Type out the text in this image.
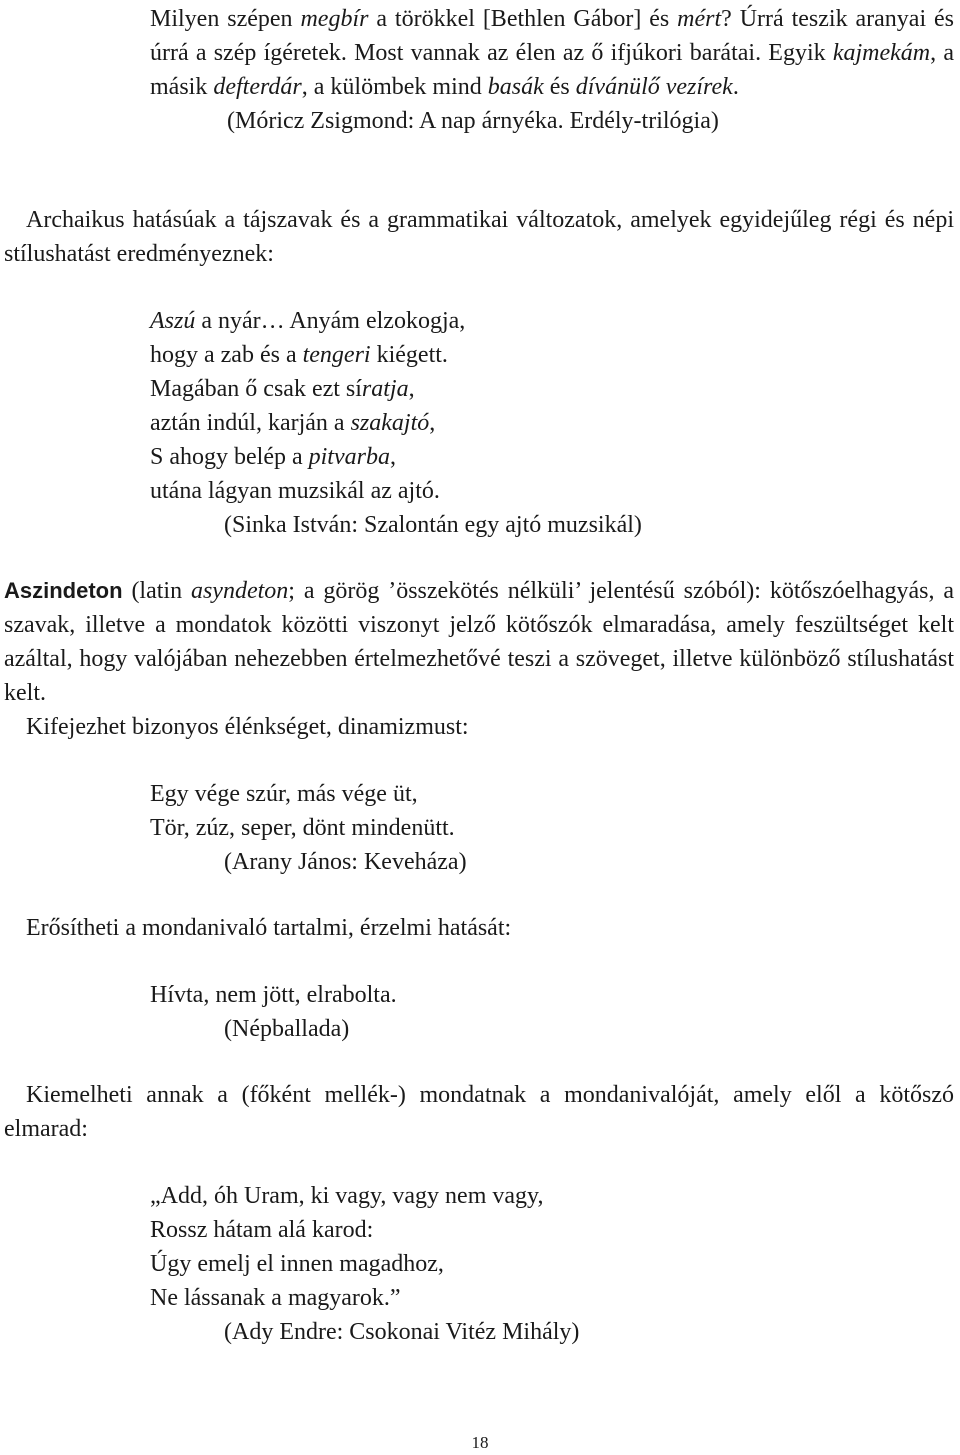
Milyen szépen megbír a törökkel [Bethlen Gábor] és mért? Úrrá teszik aranyai és úrrá a szép ígéretek. Most vannak az élen az ő ifjúkori barátai. Egyik kajmekám, a másik defterdár, a külömbek mind basák és dívánülő vezírek.
(Móricz Zsigmond: A nap árnyéka. Erdély-trilógia)
Archaikus hatásúak a tájszavak és a grammatikai változatok, amelyek egyidejűleg régi és népi stílushatást eredményeznek:
Aszú a nyár… Anyám elzokogja,
hogy a zab és a tengeri kiégett.
Magában ő csak ezt síratja,
aztán indúl, karján a szakajtó,
S ahogy belép a pitvarba,
utána lágyan muzsikál az ajtó.
(Sinka István: Szalontán egy ajtó muzsikál)
Aszindeton (latin asyndeton; a görög ’összekötés nélküli’ jelentésű szóból): kötőszóelhagyás, a szavak, illetve a mondatok közötti viszonyt jelző kötőszók elmaradása, amely feszültséget kelt azáltal, hogy valójában nehezebben értelmezhetővé teszi a szöveget, illetve különböző stílushatást kelt.
Kifejezhet bizonyos élénkséget, dinamizmust:
Egy vége szúr, más vége üt,
Tör, zúz, seper, dönt mindenütt.
(Arany János: Keveháza)
Erősítheti a mondanivaló tartalmi, érzelmi hatását:
Hívta, nem jött, elrabolta.
(Népballada)
Kiemelheti annak a (főként mellék-) mondatnak a mondanivalóját, amely elől a kötőszó elmarad:
„Add, óh Uram, ki vagy, vagy nem vagy,
Rossz hátam alá karod:
Úgy emelj el innen magadhoz,
Ne lássanak a magyarok.”
(Ady Endre: Csokonai Vitéz Mihály)
18
